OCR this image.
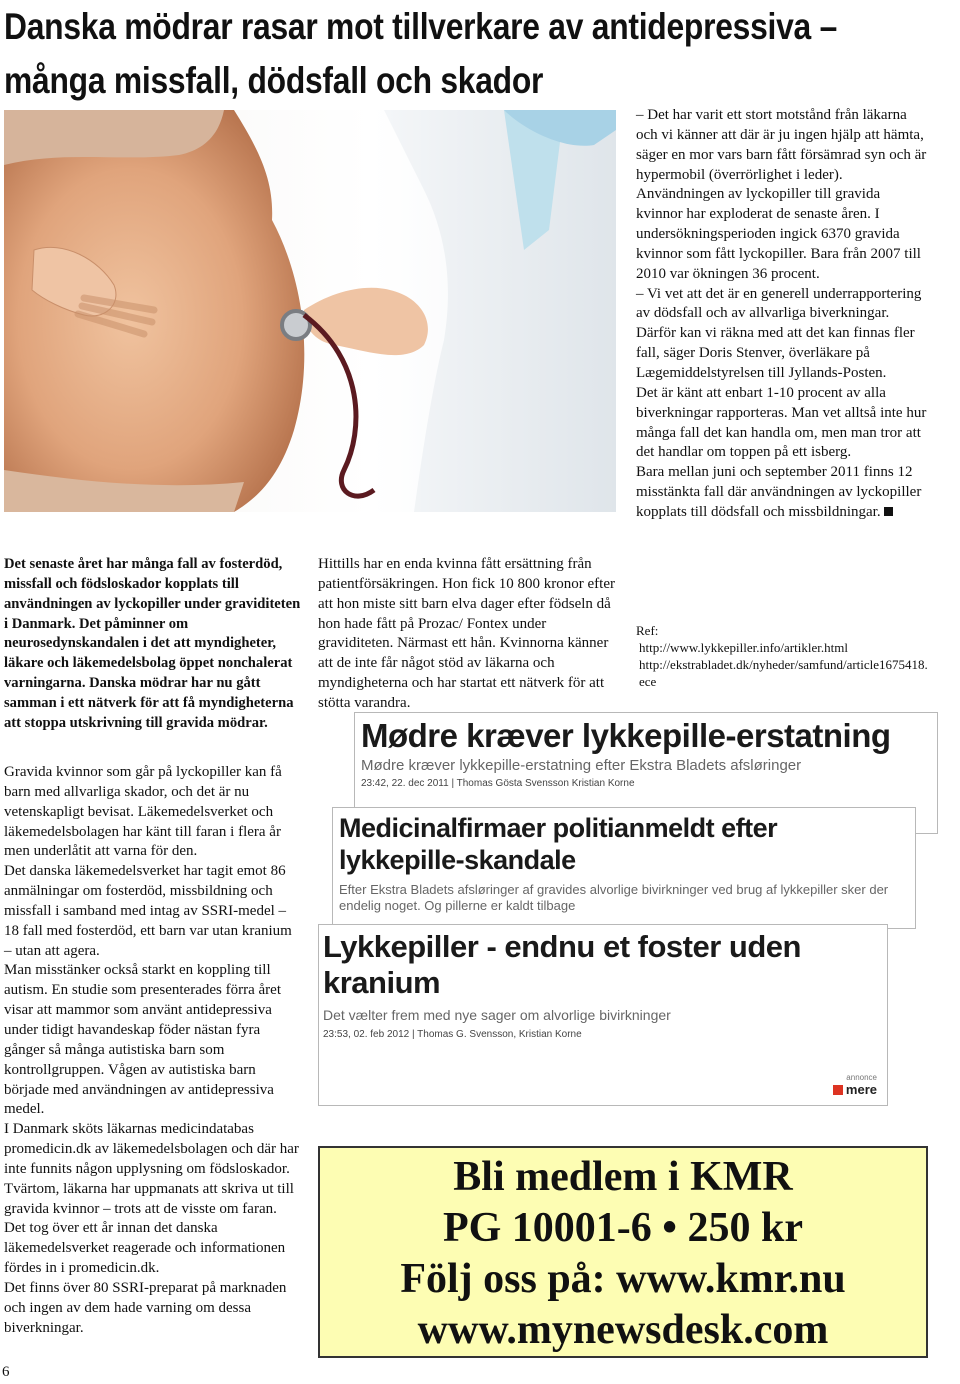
Danska mödrar rasar mot tillverkare av antidepressiva –
många missfall, dödsfall och skador

Det senaste året har många fall av fosterdöd, missfall och födsloskador kopplats till användningen av lyckopiller under graviditeten i Danmark. Det påminner om neurosedynskandalen i det att myndigheter, läkare och läkemedelsbolag öppet nonchalerat varningarna. Danska mödrar har nu gått samman i ett nätverk för att få myndigheterna att stoppa utskrivning till gravida mödrar.

Gravida kvinnor som går på lyckopiller kan få barn med allvarliga skador, och det är nu vetenskapligt bevisat. Läkemedelsverket och läkemedelsbolagen har känt till faran i flera år men underlåtit att varna för den.

Det danska läkemedelsverket har tagit emot 86 anmälningar om fosterdöd, missbildning och missfall i samband med intag av SSRI-medel – 18 fall med fosterdöd, ett barn var utan kranium – utan att agera.

Man misstänker också starkt en koppling till autism. En studie som presenterades förra året visar att mammor som använt antidepressiva under tidigt havandeskap föder nästan fyra gånger så många autistiska barn som kontrollgruppen. Vågen av autistiska barn började med användningen av antidepressiva medel.

I Danmark sköts läkarnas medicindatabas promedicin.dk av läkemedelsbolagen och där har inte funnits någon upplysning om födsloskador. Tvärtom, läkarna har uppmanats att skriva ut till gravida kvinnor – trots att de visste om faran. Det tog över ett år innan det danska läkemedelsverket reagerade och informationen fördes in i promedicin.dk.

Det finns över 80 SSRI-preparat på marknaden och ingen av dem hade varning om dessa biverkningar.

Hittills har en enda kvinna fått ersättning från patientförsäkringen. Hon fick 10 800 kronor efter att hon miste sitt barn elva dager efter födseln då hon hade fått på Prozac/ Fontex under graviditeten. Närmast ett hån. Kvinnorna känner att de inte får något stöd av läkarna och myndigheterna och har startat ett nätverk för att stötta varandra.

– Det har varit ett stort motstånd från läkarna och vi känner att där är ju ingen hjälp att hämta, säger en mor vars barn fått försämrad syn och är hypermobil (överrörlighet i leder).

Användningen av lyckopiller till gravida kvinnor har exploderat de senaste åren. I undersökningsperioden ingick 6370 gravida kvinnor som fått lyckopiller. Bara från 2007 till 2010 var ökningen 36 procent.

– Vi vet att det är en generell underrapportering av dödsfall och av allvarliga biverkningar. Därför kan vi räkna med att det kan finnas fler fall, säger Doris Stenver, överläkare på Lægemiddelstyrelsen till Jyllands-Posten.

Det är känt att enbart 1-10 procent av alla biverkningar rapporteras. Man vet alltså inte hur många fall det kan handla om, men man tror att det handlar om toppen på ett isberg.

Bara mellan juni och september 2011 finns 12 misstänkta fall där användningen av lyckopiller kopplats till dödsfall och missbildningar.

Ref:
http://www.lykkepiller.info/artikler.html
http://ekstrabladet.dk/nyheder/samfund/article1675418.ece

Mødre kræver lykkepille-erstatning

Mødre kræver lykkepille-erstatning efter Ekstra Bladets afsløringer

23:42, 22. dec 2011 | Thomas Gösta Svensson Kristian Korne

Medicinalfirmaer politianmeldt efter lykkepille-skandale

Efter Ekstra Bladets afsløringer af gravides alvorlige bivirkninger ved brug af lykkepiller sker der endelig noget. Og pillerne er kaldt tilbage

Lykkepiller - endnu et foster uden kranium

Det vælter frem med nye sager om alvorlige bivirkninger

23:53, 02. feb 2012 | Thomas G. Svensson, Kristian Korne

annonce
mere
Bli medlem i KMR
PG 10001-6 • 250 kr
Följ oss på: www.kmr.nu
www.mynewsdesk.com
6
